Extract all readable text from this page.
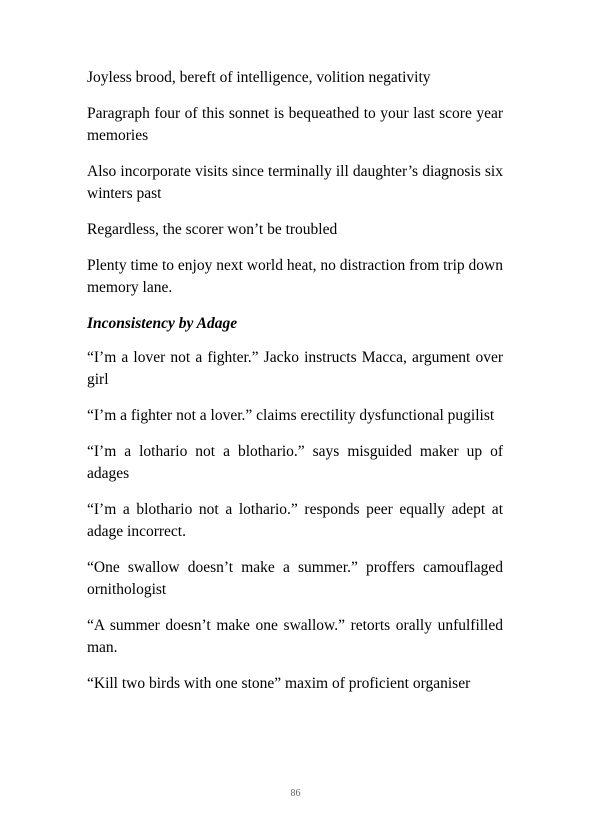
Joyless brood, bereft of intelligence, volition negativity

Paragraph four of this sonnet is bequeathed to your last score year memories

Also incorporate visits since terminally ill daughter’s diagnosis six winters past

Regardless, the scorer won’t be troubled

Plenty time to enjoy next world heat, no distraction from trip down memory lane.

Inconsistency by Adage

“I’m a lover not a fighter.” Jacko instructs Macca, argument over girl

“I’m a fighter not a lover.” claims erectility dysfunctional pugilist

“I’m a lothario not a blothario.” says misguided maker up of adages

“I’m a blothario not a lothario.” responds peer equally adept at adage incorrect.

“One swallow doesn’t make a summer.” proffers camouflaged ornithologist

“A summer doesn’t make one swallow.” retorts orally unfulfilled man.

“Kill two birds with one stone” maxim of proficient organiser

86
